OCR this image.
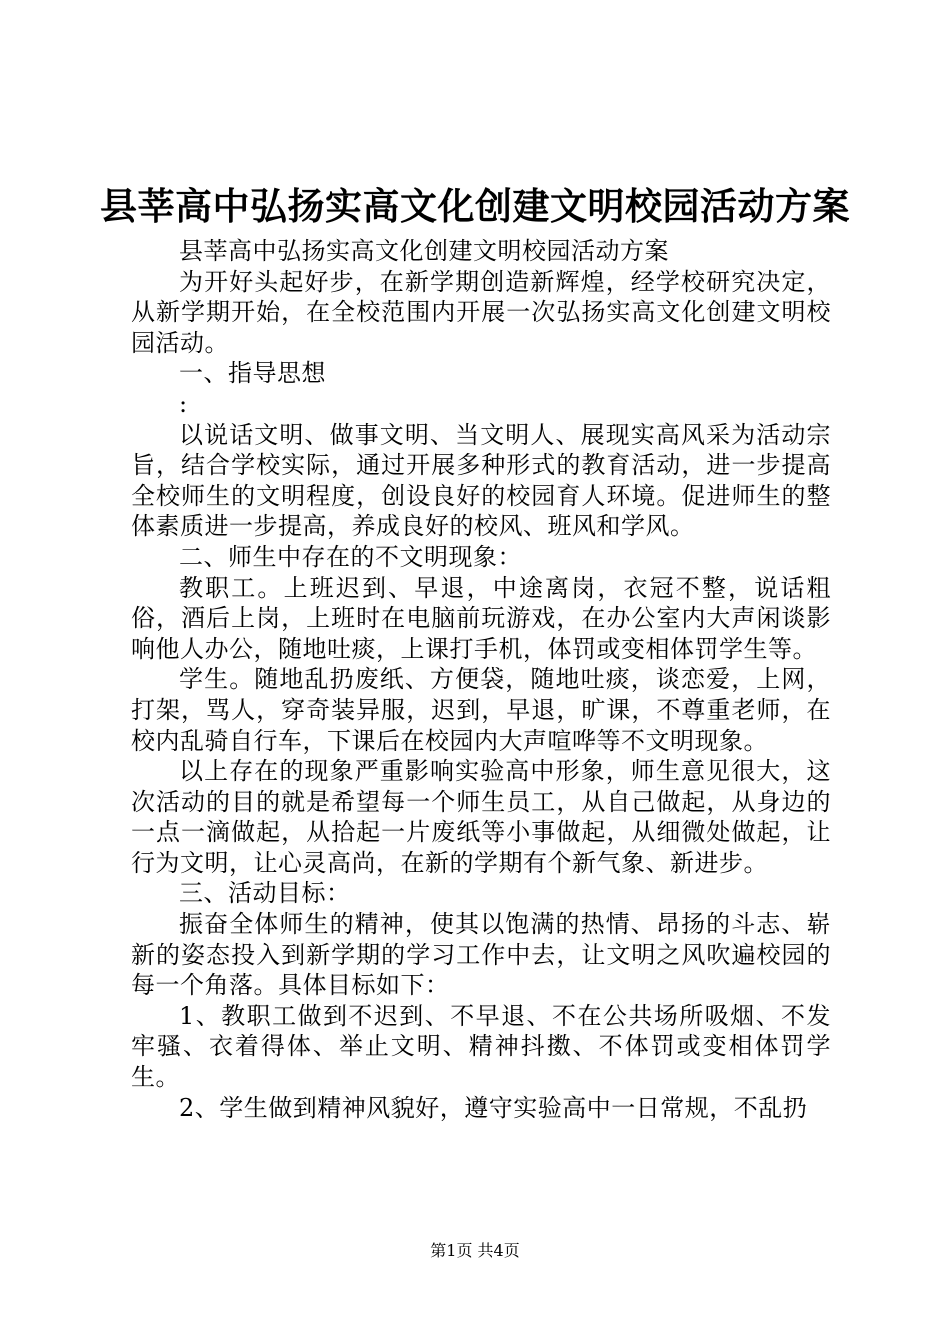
县莘高中弘扬实高文化创建文明校园活动方案

县莘高中弘扬实高文化创建文明校园活动方案

为开好头起好步，在新学期创造新辉煌，经学校研究决定，从新学期开始，在全校范围内开展一次弘扬实高文化创建文明校园活动。

一、指导思想

:

以说话文明、做事文明、当文明人、展现实高风采为活动宗旨，结合学校实际，通过开展多种形式的教育活动，进一步提高全校师生的文明程度，创设良好的校园育人环境。促进师生的整体素质进一步提高，养成良好的校风、班风和学风。

二、师生中存在的不文明现象：

教职工。上班迟到、早退，中途离岗，衣冠不整，说话粗俗，酒后上岗，上班时在电脑前玩游戏，在办公室内大声闲谈影响他人办公，随地吐痰，上课打手机，体罚或变相体罚学生等。

学生。随地乱扔废纸、方便袋，随地吐痰，谈恋爱，上网，打架，骂人，穿奇装异服，迟到，早退，旷课，不尊重老师，在校内乱骑自行车，下课后在校园内大声喧哗等不文明现象。

以上存在的现象严重影响实验高中形象，师生意见很大，这次活动的目的就是希望每一个师生员工，从自己做起，从身边的一点一滴做起，从拾起一片废纸等小事做起，从细微处做起，让行为文明，让心灵高尚，在新的学期有个新气象、新进步。

三、活动目标：

振奋全体师生的精神，使其以饱满的热情、昂扬的斗志、崭新的姿态投入到新学期的学习工作中去，让文明之风吹遍校园的每一个角落。具体目标如下：

1、教职工做到不迟到、不早退、不在公共场所吸烟、不发牢骚、衣着得体、举止文明、精神抖擞、不体罚或变相体罚学生。

2、学生做到精神风貌好，遵守实验高中一日常规，不乱扔

第1页 共4页
